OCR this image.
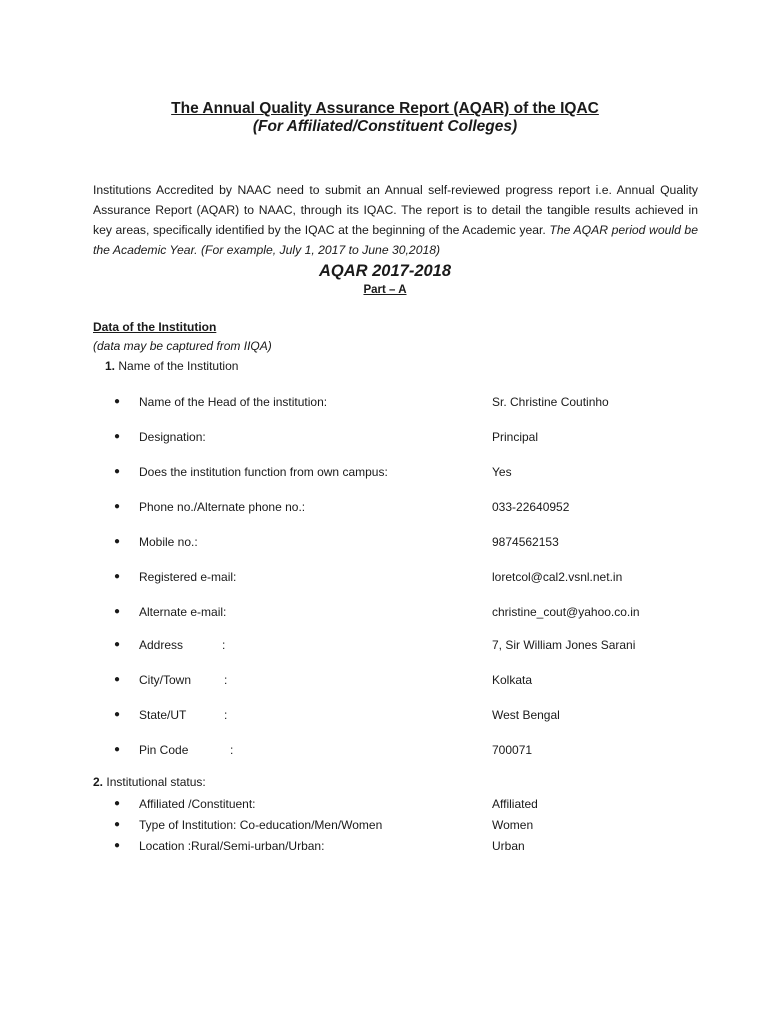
The Annual Quality Assurance Report (AQAR) of the IQAC
(For Affiliated/Constituent Colleges)
Institutions Accredited by NAAC need to submit an Annual self-reviewed progress report i.e. Annual Quality Assurance Report (AQAR) to NAAC, through its IQAC. The report is to detail the tangible results achieved in key areas, specifically identified by the IQAC at the beginning of the Academic year. The AQAR period would be the Academic Year. (For example, July 1, 2017 to June 30,2018)
AQAR 2017-2018
Part – A
Data of the Institution
(data may be captured from IIQA)
1. Name of the Institution
● Name of the Head of the institution:	Sr. Christine Coutinho
● Designation:	Principal
● Does the institution function from own campus:	Yes
● Phone no./Alternate phone no.:	033-22640952
● Mobile no.:	9874562153
● Registered e-mail:	loretcol@cal2.vsnl.net.in
● Alternate e-mail:	christine_cout@yahoo.co.in
● Address	:	7, Sir William Jones Sarani
● City/Town	:	Kolkata
● State/UT	:	West Bengal
● Pin Code	:	700071
2. Institutional status:
● Affiliated /Constituent:	Affiliated
● Type of Institution: Co-education/Men/Women	Women
● Location :Rural/Semi-urban/Urban:	Urban
